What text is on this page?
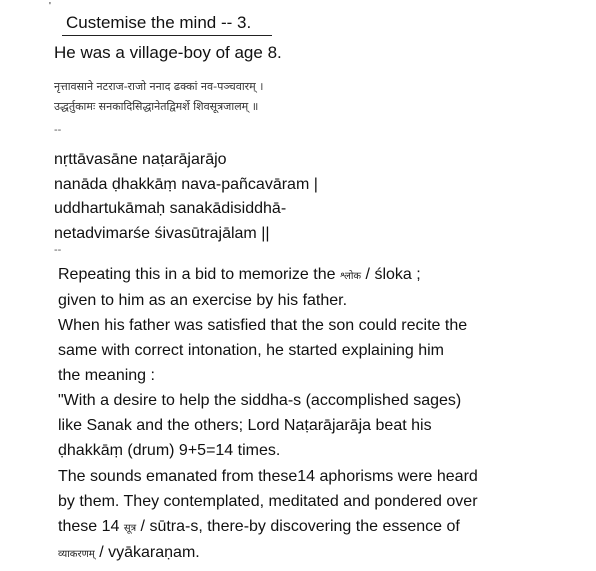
'
Custemise the mind -- 3.
He was a village-boy of age 8.
नृत्तावसाने नटराज-राजो ननाद ढक्कां नव-पञ्चवारम् ।
उद्धर्तुकामः सनकादिसिद्धानेतद्विमर्शे शिवसूत्रजालम् ॥
--
nṛttāvasāne naṭarājarājo
nanāda ḍhakkāṃ nava-pañcavāram |
uddhartukāmaḥ sanakādisiddhā-
netadvimarśe śivasūtrajālam ||
--
Repeating this in a bid to memorize the श्लोक / śloka ;
given to him as an exercise by his father.
When his father was satisfied that the son could recite the
same with correct intonation, he started explaining him
the meaning :
"With a desire to help the siddha-s (accomplished sages)
like Sanak and the others; Lord Naṭarājarāja beat his
ḍhakkāṃ (drum) 9+5=14 times.
The sounds emanated from these14 aphorisms were heard
by them. They contemplated, meditated and pondered over
these 14 सूत्र / sūtra-s, there-by discovering the essence of
व्याकरणम् / vyākaraṇam.
